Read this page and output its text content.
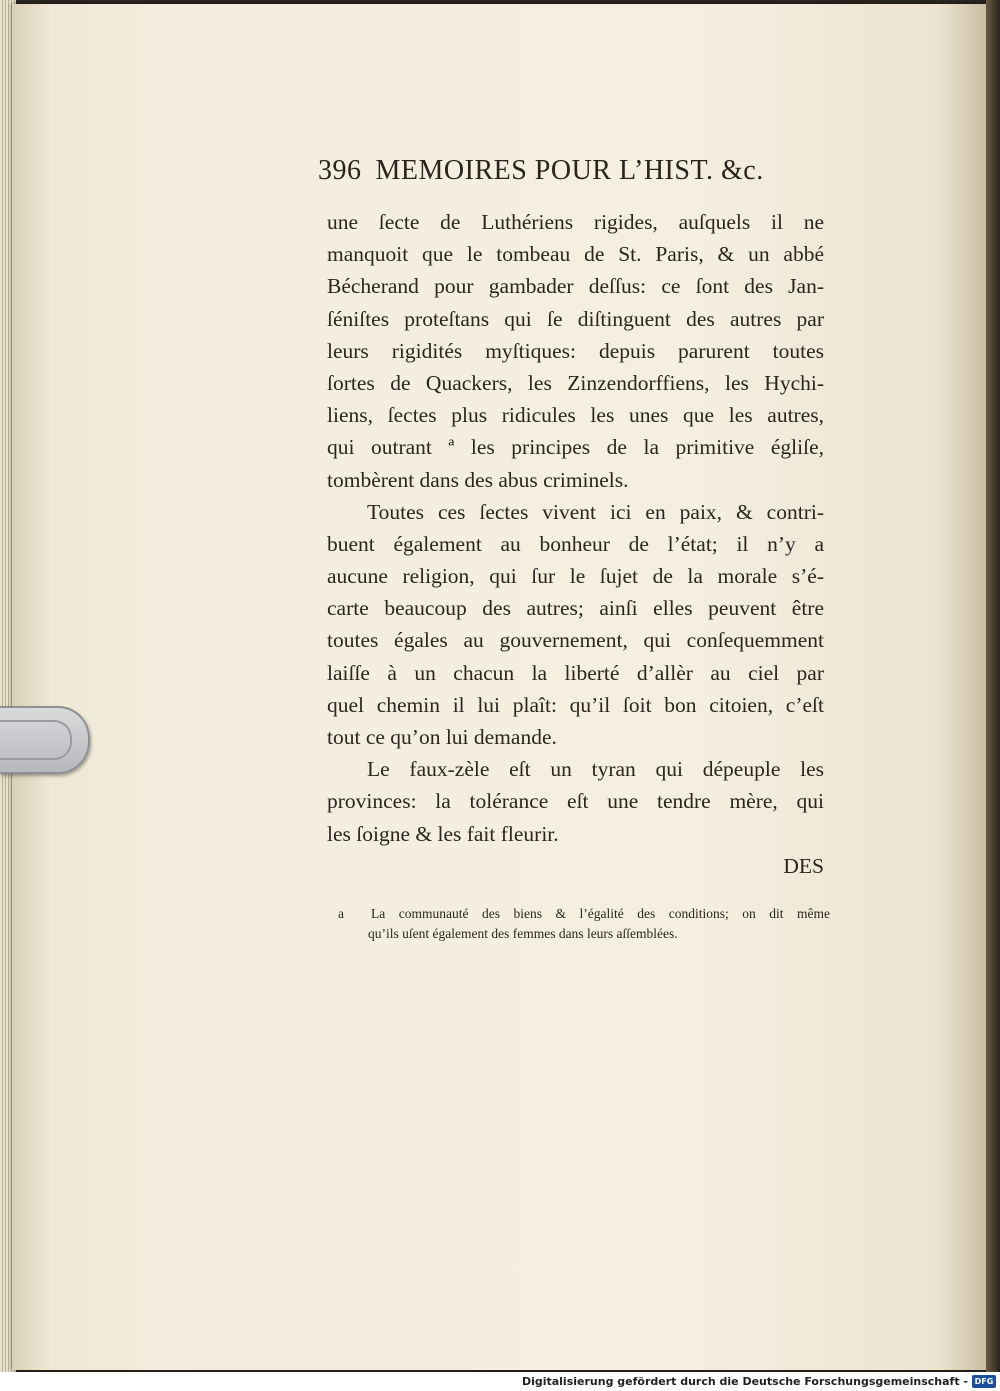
396 MEMOIRES POUR L’HIST. &c.
une ſecte de Luthériens rigides, auſquels il ne
manquoit que le tombeau de St. Paris, & un abbé
Bécherand pour gambader deſſus: ce ſont des Jan-
ſéniſtes proteſtans qui ſe diſtinguent des autres par
leurs rigidités myſtiques: depuis parurent toutes
ſortes de Quackers, les Zinzendorffiens, les Hychi-
liens, ſectes plus ridicules les unes que les autres,
qui outrant ª les principes de la primitive égliſe,
tombèrent dans des abus criminels.
Toutes ces ſectes vivent ici en paix, & contri-
buent également au bonheur de l’état; il n’y a
aucune religion, qui ſur le ſujet de la morale s’é-
carte beaucoup des autres; ainſi elles peuvent être
toutes égales au gouvernement, qui conſequemment
laiſſe à un chacun la liberté d’allèr au ciel par
quel chemin il lui plaît: qu’il ſoit bon citoien, c’eſt
tout ce qu’on lui demande.
Le faux-zèle eſt un tyran qui dépeuple les
provinces: la tolérance eſt une tendre mère, qui
les ſoigne & les fait fleurir.
DES
a La communauté des biens & l’égalité des conditions; on dit même
qu’ils uſent également des femmes dans leurs aſſemblées.
Digitalisierung gefördert durch die Deutsche Forschungsgemeinschaft - DFG
